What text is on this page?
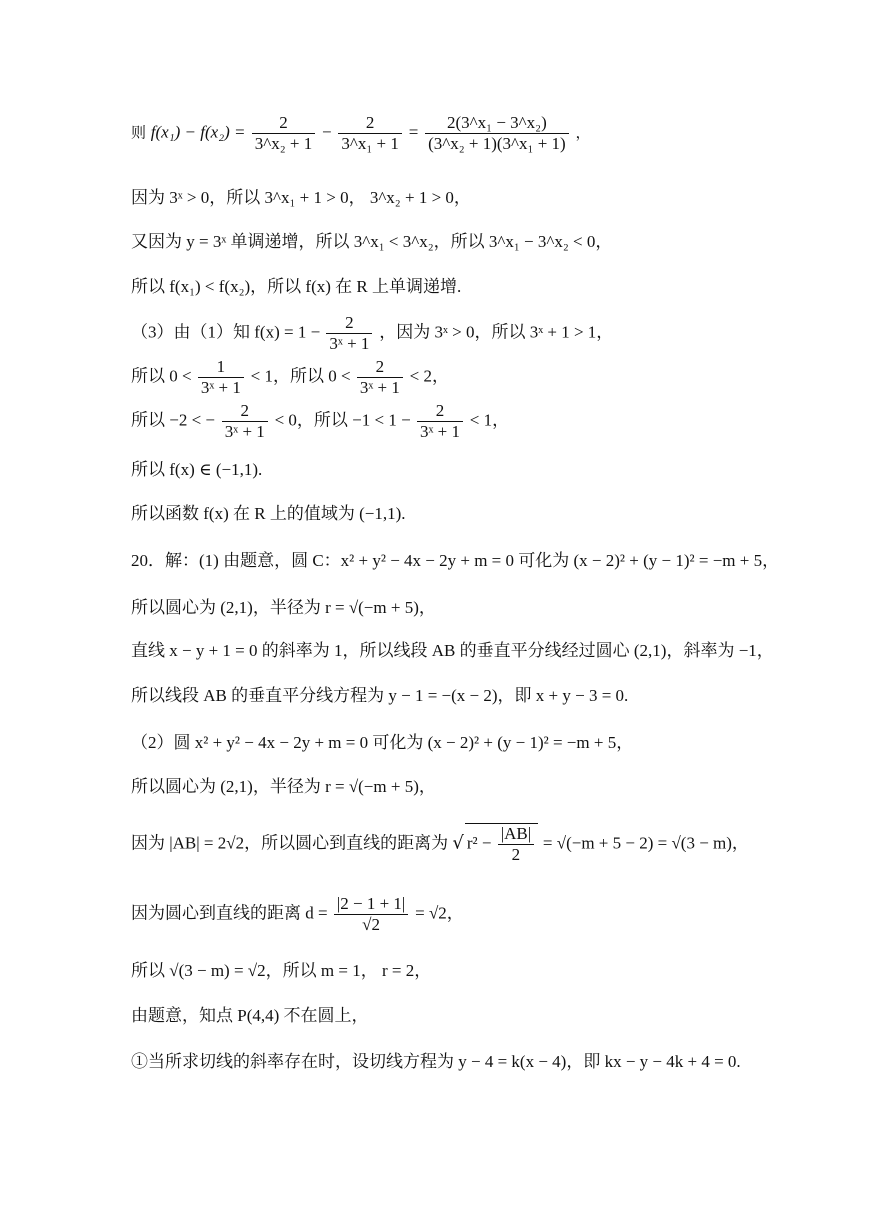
则 $f(x_1) - f(x_2) = \frac{2}{\text{3\textasciicircum{}x₂ + 1}} - \frac{2}{\text{3\textasciicircum{}x₁ + 1}} = \frac{\text{2(3\textasciicircum{}x₁ − 3\textasciicircum{}x₂)}}{\text{(3\textasciicircum{}x₂ + 1)(3\textasciicircum{}x₁ + 1)}}$ ，
因为 3ˣ > 0，所以 3^x₁ + 1 > 0， 3^x₂ + 1 > 0，
又因为 y = 3ˣ 单调递增，所以 3^x₁ < 3^x₂，所以 3^x₁ − 3^x₂ < 0，
所以 f(x₁) < f(x₂)，所以 f(x) 在 R 上单调递增.
（3）由（1）知 $f(x) = 1 - \frac{2}{\text{3ˣ + 1}}$ ，因为 3ˣ > 0，所以 3ˣ + 1 > 1，
所以 $0 < \frac{1}{\text{3ˣ + 1}} < 1$，所以 $0 < \frac{2}{\text{3ˣ + 1}} < 2$，
所以 −2 < − $\frac{2}{\text{3ˣ + 1}} < 0$，所以 $-1 < 1 - \frac{2}{\text{3ˣ + 1}} < 1$，
所以 f(x) ∈ (−1,1).
所以函数 f(x) 在 R 上的值域为 (−1,1).
20．解：(1) 由题意，圆 C：x² + y² − 4x − 2y + m = 0 可化为 (x − 2)² + (y − 1)² = −m + 5，
所以圆心为 (2,1)，半径为 r = √(−m + 5)，
直线 x − y + 1 = 0 的斜率为 1，所以线段 AB 的垂直平分线经过圆心 (2,1)，斜率为 −1，
所以线段 AB 的垂直平分线方程为 y − 1 = −(x − 2)，即 x + y − 3 = 0.
（2）圆 x² + y² − 4x − 2y + m = 0 可化为 (x − 2)² + (y − 1)² = −m + 5，
所以圆心为 (2,1)，半径为 r = √(−m + 5)，
因为 |AB| = 2√2，所以圆心到直线的距离为 √ $r^2 - \frac{|AB|}{2} = √(-m + 5 - 2) = √(3 - m)$，
因为圆心到直线的距离 $d = \frac{|2 - 1 + 1|}{√2} = √2$，
所以 √(3 − m) = √2，所以 m = 1， r = 2，
由题意，知点 P(4,4) 不在圆上，
①当所求切线的斜率存在时，设切线方程为 y − 4 = k(x − 4)，即 kx − y − 4k + 4 = 0.
